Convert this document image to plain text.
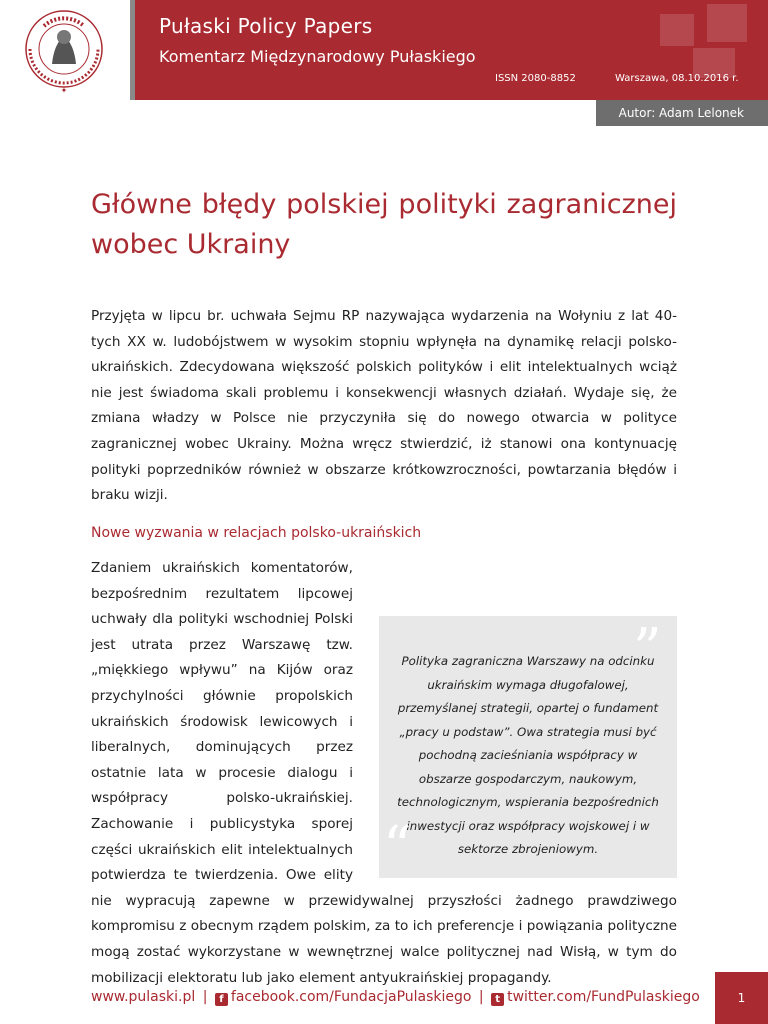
✦
Pułaski Policy Papers
Komentarz Międzynarodowy Pułaskiego
ISSN 2080-8852	Warszawa, 08.10.2016 r.
Autor: Adam Lelonek
Główne błędy polskiej polityki zagranicznej wobec Ukrainy

Przyjęta w lipcu br. uchwała Sejmu RP nazywająca wydarzenia na Wołyniu z lat 40-tych XX w. ludobójstwem w wysokim stopniu wpłynęła na dynamikę relacji polsko-ukraińskich. Zdecydowana większość polskich polityków i elit intelektualnych wciąż nie jest świadoma skali problemu i konsekwencji własnych działań. Wydaje się, że zmiana władzy w Polsce nie przyczyniła się do nowego otwarcia w polityce zagranicznej wobec Ukrainy. Można wręcz stwierdzić, iż stanowi ona kontynuację polityki poprzedników również w obszarze krótkowzroczności, powtarzania błędów i braku wizji.

Nowe wyzwania w relacjach polsko-ukraińskich

Zdaniem ukraińskich komentatorów, bezpośrednim rezultatem lipcowej uchwały dla polityki wschodniej Polski jest utrata przez Warszawę tzw. „miękkiego wpływu” na Kijów oraz przychylności głównie propolskich ukraińskich środowisk lewicowych i liberalnych, dominujących przez ostatnie lata w procesie dialogu i współpracy polsko-ukraińskiej. Zachowanie i publicystyka sporej części ukraińskich elit intelektualnych potwierdza te twierdzenia. Owe elity nie wypracują zapewne w przewidywalnej przyszłości żadnego prawdziwego kompromisu z obecnym rządem polskim, za to ich preferencje i powiązania polityczne mogą zostać wykorzystane w wewnętrznej walce politycznej nad Wisłą, w tym do mobilizacji elektoratu lub jako element antyukraińskiej propagandy.

”

Polityka zagraniczna Warszawy na odcinku ukraińskim wymaga długofalowej, przemyślanej strategii, opartej o fundament „pracy u podstaw”. Owa strategia musi być pochodną zacieśniania współpracy w obszarze gospodarczym, naukowym, technologicznym, wspierania bezpośrednich inwestycji oraz współpracy wojskowej i w sektorze zbrojeniowym.

“
www.pulaski.pl | f facebook.com/FundacjaPulaskiego | t twitter.com/FundPulaskiego	1
